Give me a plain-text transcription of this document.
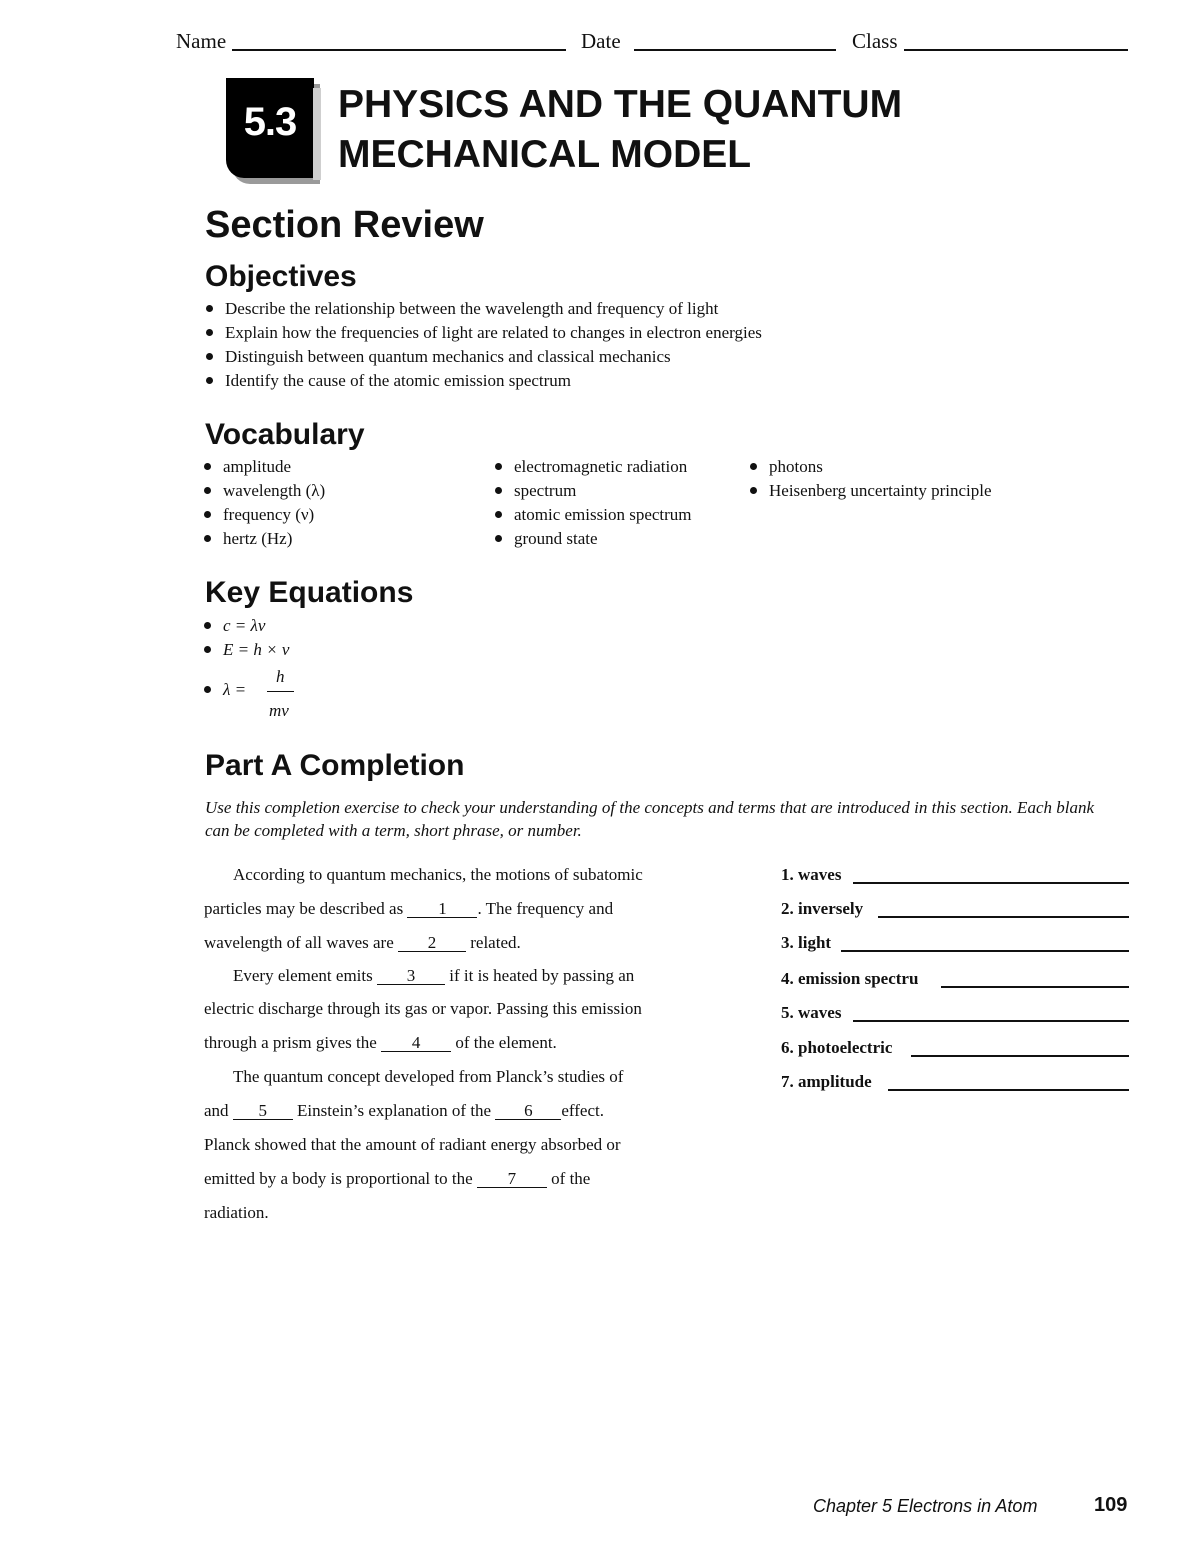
Name	Date	Class
5.3	PHYSICS AND THE QUANTUM
MECHANICAL MODEL
Section Review
Objectives
Describe the relationship between the wavelength and frequency of light
Explain how the frequencies of light are related to changes in electron energies
Distinguish between quantum mechanics and classical mechanics
Identify the cause of the atomic emission spectrum
Vocabulary
amplitude
wavelength (λ)
frequency (ν)
hertz (Hz)
electromagnetic radiation
spectrum
atomic emission spectrum
ground state
photons
Heisenberg uncertainty principle
Key Equations
c = λν
E = h × ν
λ =
h
mv
Part A Completion
Use this completion exercise to check your understanding of the concepts and terms that are introduced in this section. Each blank can be completed with a term, short phrase, or number.
According to quantum mechanics, the motions of subatomic
particles may be described as 1 . The frequency and
wavelength of all waves are 2 related.
Every element emits 3 if it is heated by passing an
electric discharge through its gas or vapor. Passing this emission
through a prism gives the 4 of the element.
The quantum concept developed from Planck’s studies of
and 5 Einstein’s explanation of the 6 effect.
Planck showed that the amount of radiant energy absorbed or
emitted by a body is proportional to the 7 of the
radiation.
1. waves
2. inversely
3. light
4. emission spectru
5. waves
6. photoelectric
7. amplitude
Chapter 5 Electrons in Atom	109
